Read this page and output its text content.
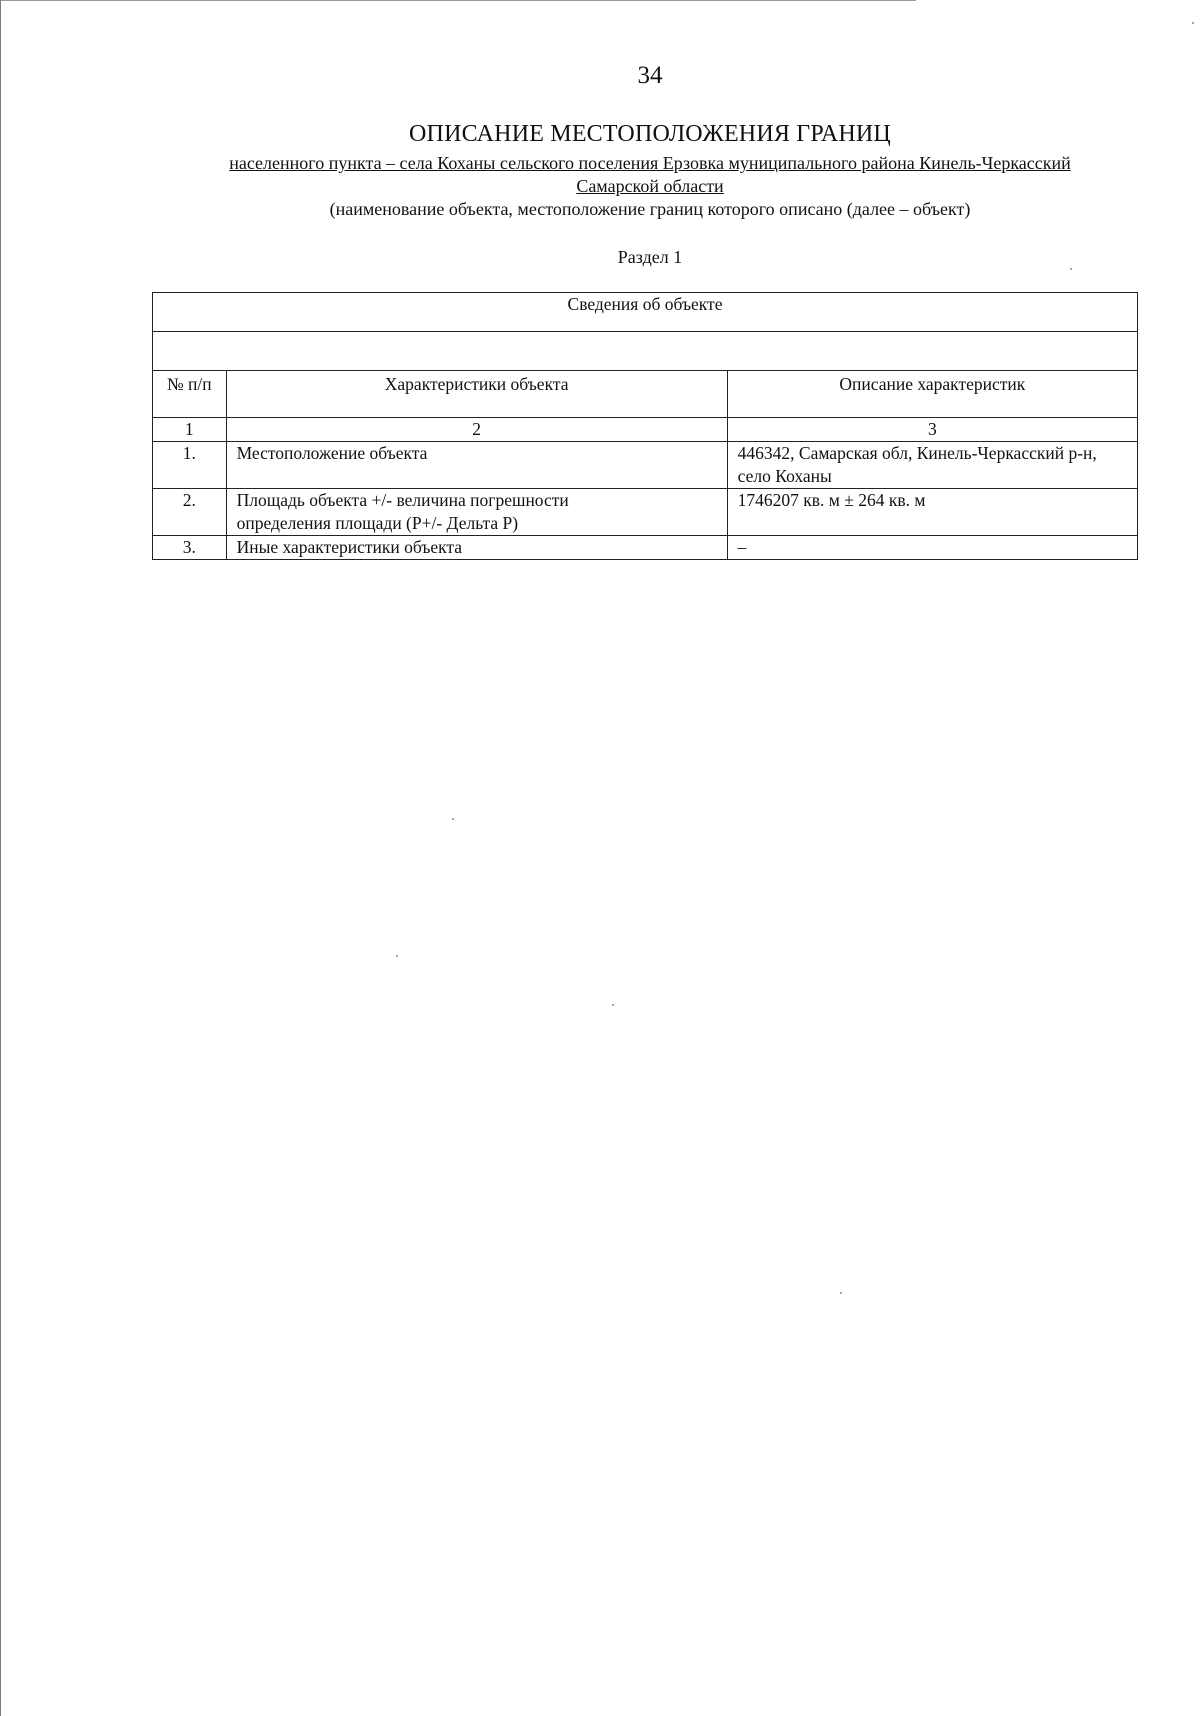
34
ОПИСАНИЕ МЕСТОПОЛОЖЕНИЯ ГРАНИЦ
населенного пункта – села Коханы сельского поселения Ерзовка муниципального района Кинель-Черкасский Самарской области
(наименование объекта, местоположение границ которого описано (далее – объект)
Раздел 1
Сведения об объекте		

№ п/п	Характеристики объекта	Описание характеристик
1	2	3
1.	Местоположение объекта	446342, Самарская обл, Кинель-Черкасский р-н, село Коханы
2.	Площадь объекта +/- величина погрешности определения площади (Р+/- Дельта Р)	1746207 кв. м ± 264 кв. м
3.	Иные характеристики объекта	–
